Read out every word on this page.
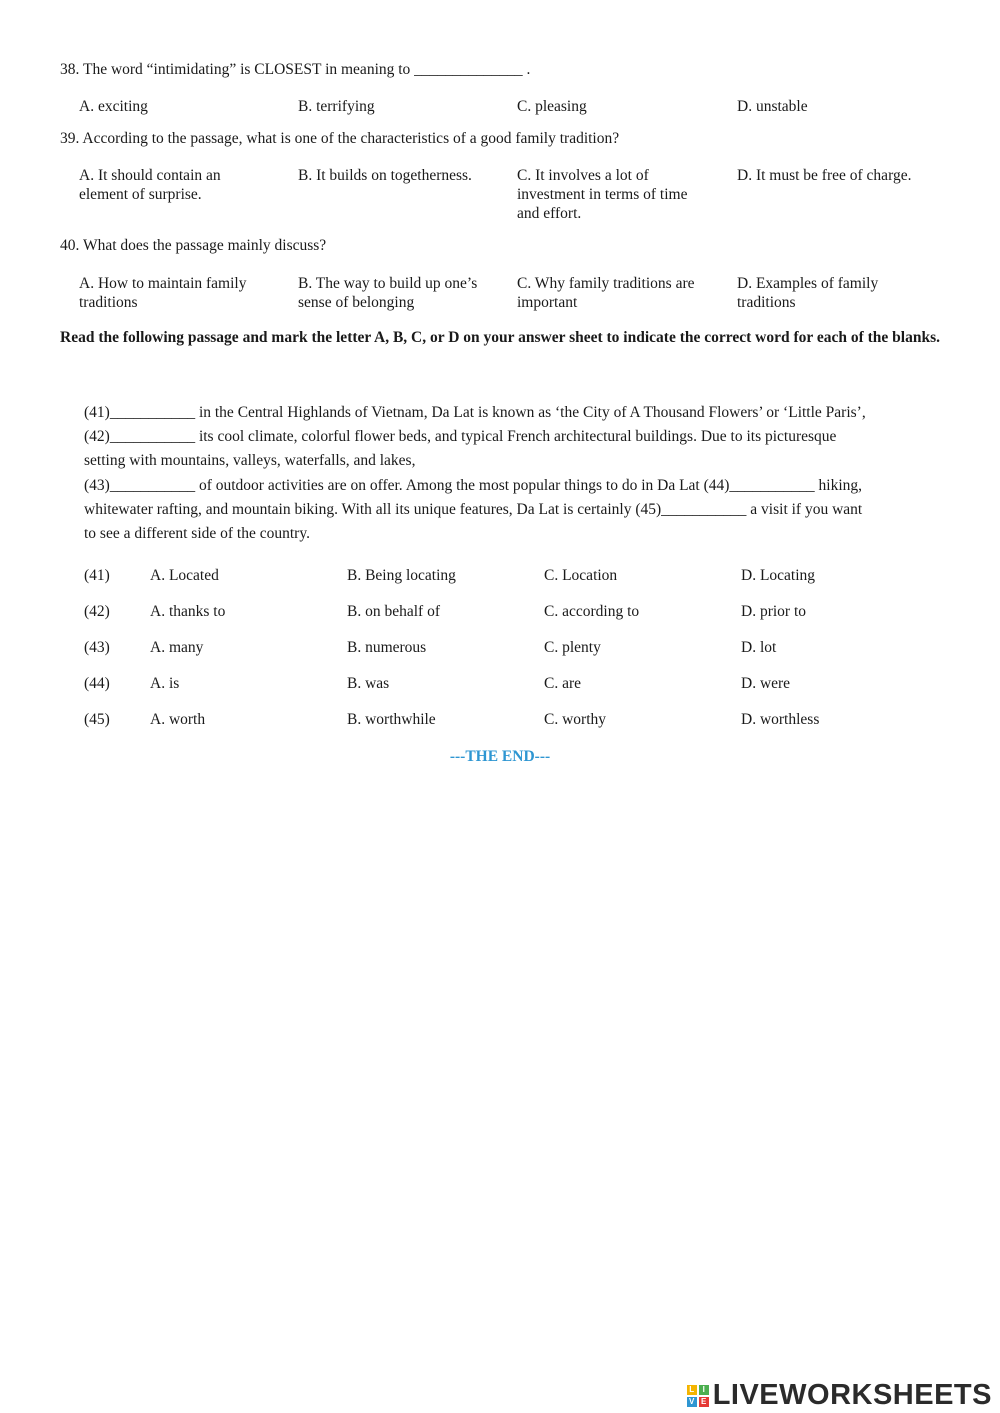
38. The word “intimidating” is CLOSEST in meaning to ______________ .
A. exciting	B. terrifying	C. pleasing	D. unstable
39. According to the passage, what is one of the characteristics of a good family tradition?
A. It should contain an
element of surprise.
B. It builds on togetherness.	C. It involves a lot of
investment in terms of time
and effort.
D. It must be free of charge.
40. What does the passage mainly discuss?
A. How to maintain family
traditions
B. The way to build up one’s
sense of belonging
C. Why family traditions are
important
D. Examples of family
traditions
Read the following passage and mark the letter A, B, C, or D on your answer sheet to indicate the correct word for each of the blanks.
(41)___________ in the Central Highlands of Vietnam, Da Lat is known as ‘the City of A Thousand Flowers’ or ‘Little Paris’,
(42)___________ its cool climate, colorful flower beds, and typical French architectural buildings. Due to its picturesque
setting with mountains, valleys, waterfalls, and lakes,
(43)___________ of outdoor activities are on offer. Among the most popular things to do in Da Lat (44)___________ hiking,
whitewater rafting, and mountain biking. With all its unique features, Da Lat is certainly (45)___________ a visit if you want
to see a different side of the country.
(41)	A. Located	B. Being locating	C. Location	D. Locating
(42)	A. thanks to	B. on behalf of	C. according to	D. prior to
(43)	A. many	B. numerous	C. plenty	D. lot
(44)	A. is	B. was	C. are	D. were
(45)	A. worth	B. worthwhile	C. worthy	D. worthless
---THE END---
L	I
V E LIVEWORKSHEETS
